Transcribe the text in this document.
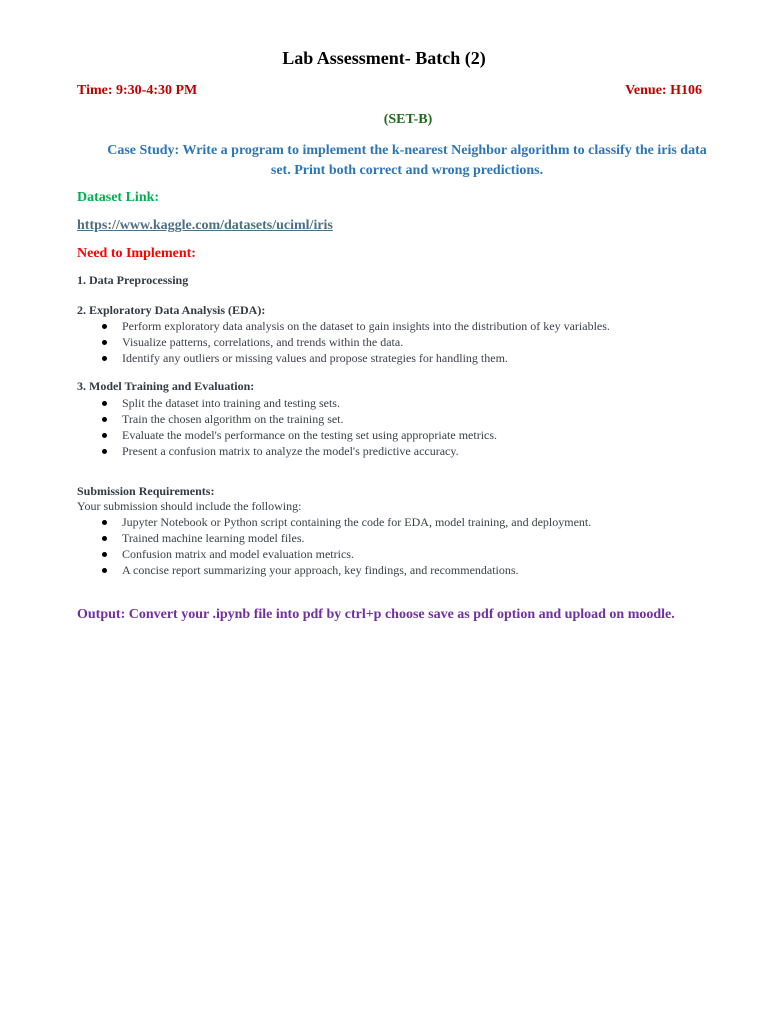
Lab Assessment- Batch (2)
Time: 9:30-4:30 PM	Venue: H106
(SET-B)
Case Study: Write a program to implement the k-nearest Neighbor algorithm to classify the iris data
set. Print both correct and wrong predictions.
Dataset Link:
https://www.kaggle.com/datasets/uciml/iris
Need to Implement:
1. Data Preprocessing
2. Exploratory Data Analysis (EDA):
Perform exploratory data analysis on the dataset to gain insights into the distribution of key variables.
Visualize patterns, correlations, and trends within the data.
Identify any outliers or missing values and propose strategies for handling them.
3. Model Training and Evaluation:
Split the dataset into training and testing sets.
Train the chosen algorithm on the training set.
Evaluate the model's performance on the testing set using appropriate metrics.
Present a confusion matrix to analyze the model's predictive accuracy.
Submission Requirements:
Your submission should include the following:
Jupyter Notebook or Python script containing the code for EDA, model training, and deployment.
Trained machine learning model files.
Confusion matrix and model evaluation metrics.
A concise report summarizing your approach, key findings, and recommendations.
Output: Convert your .ipynb file into pdf by ctrl+p choose save as pdf option and upload on moodle.
